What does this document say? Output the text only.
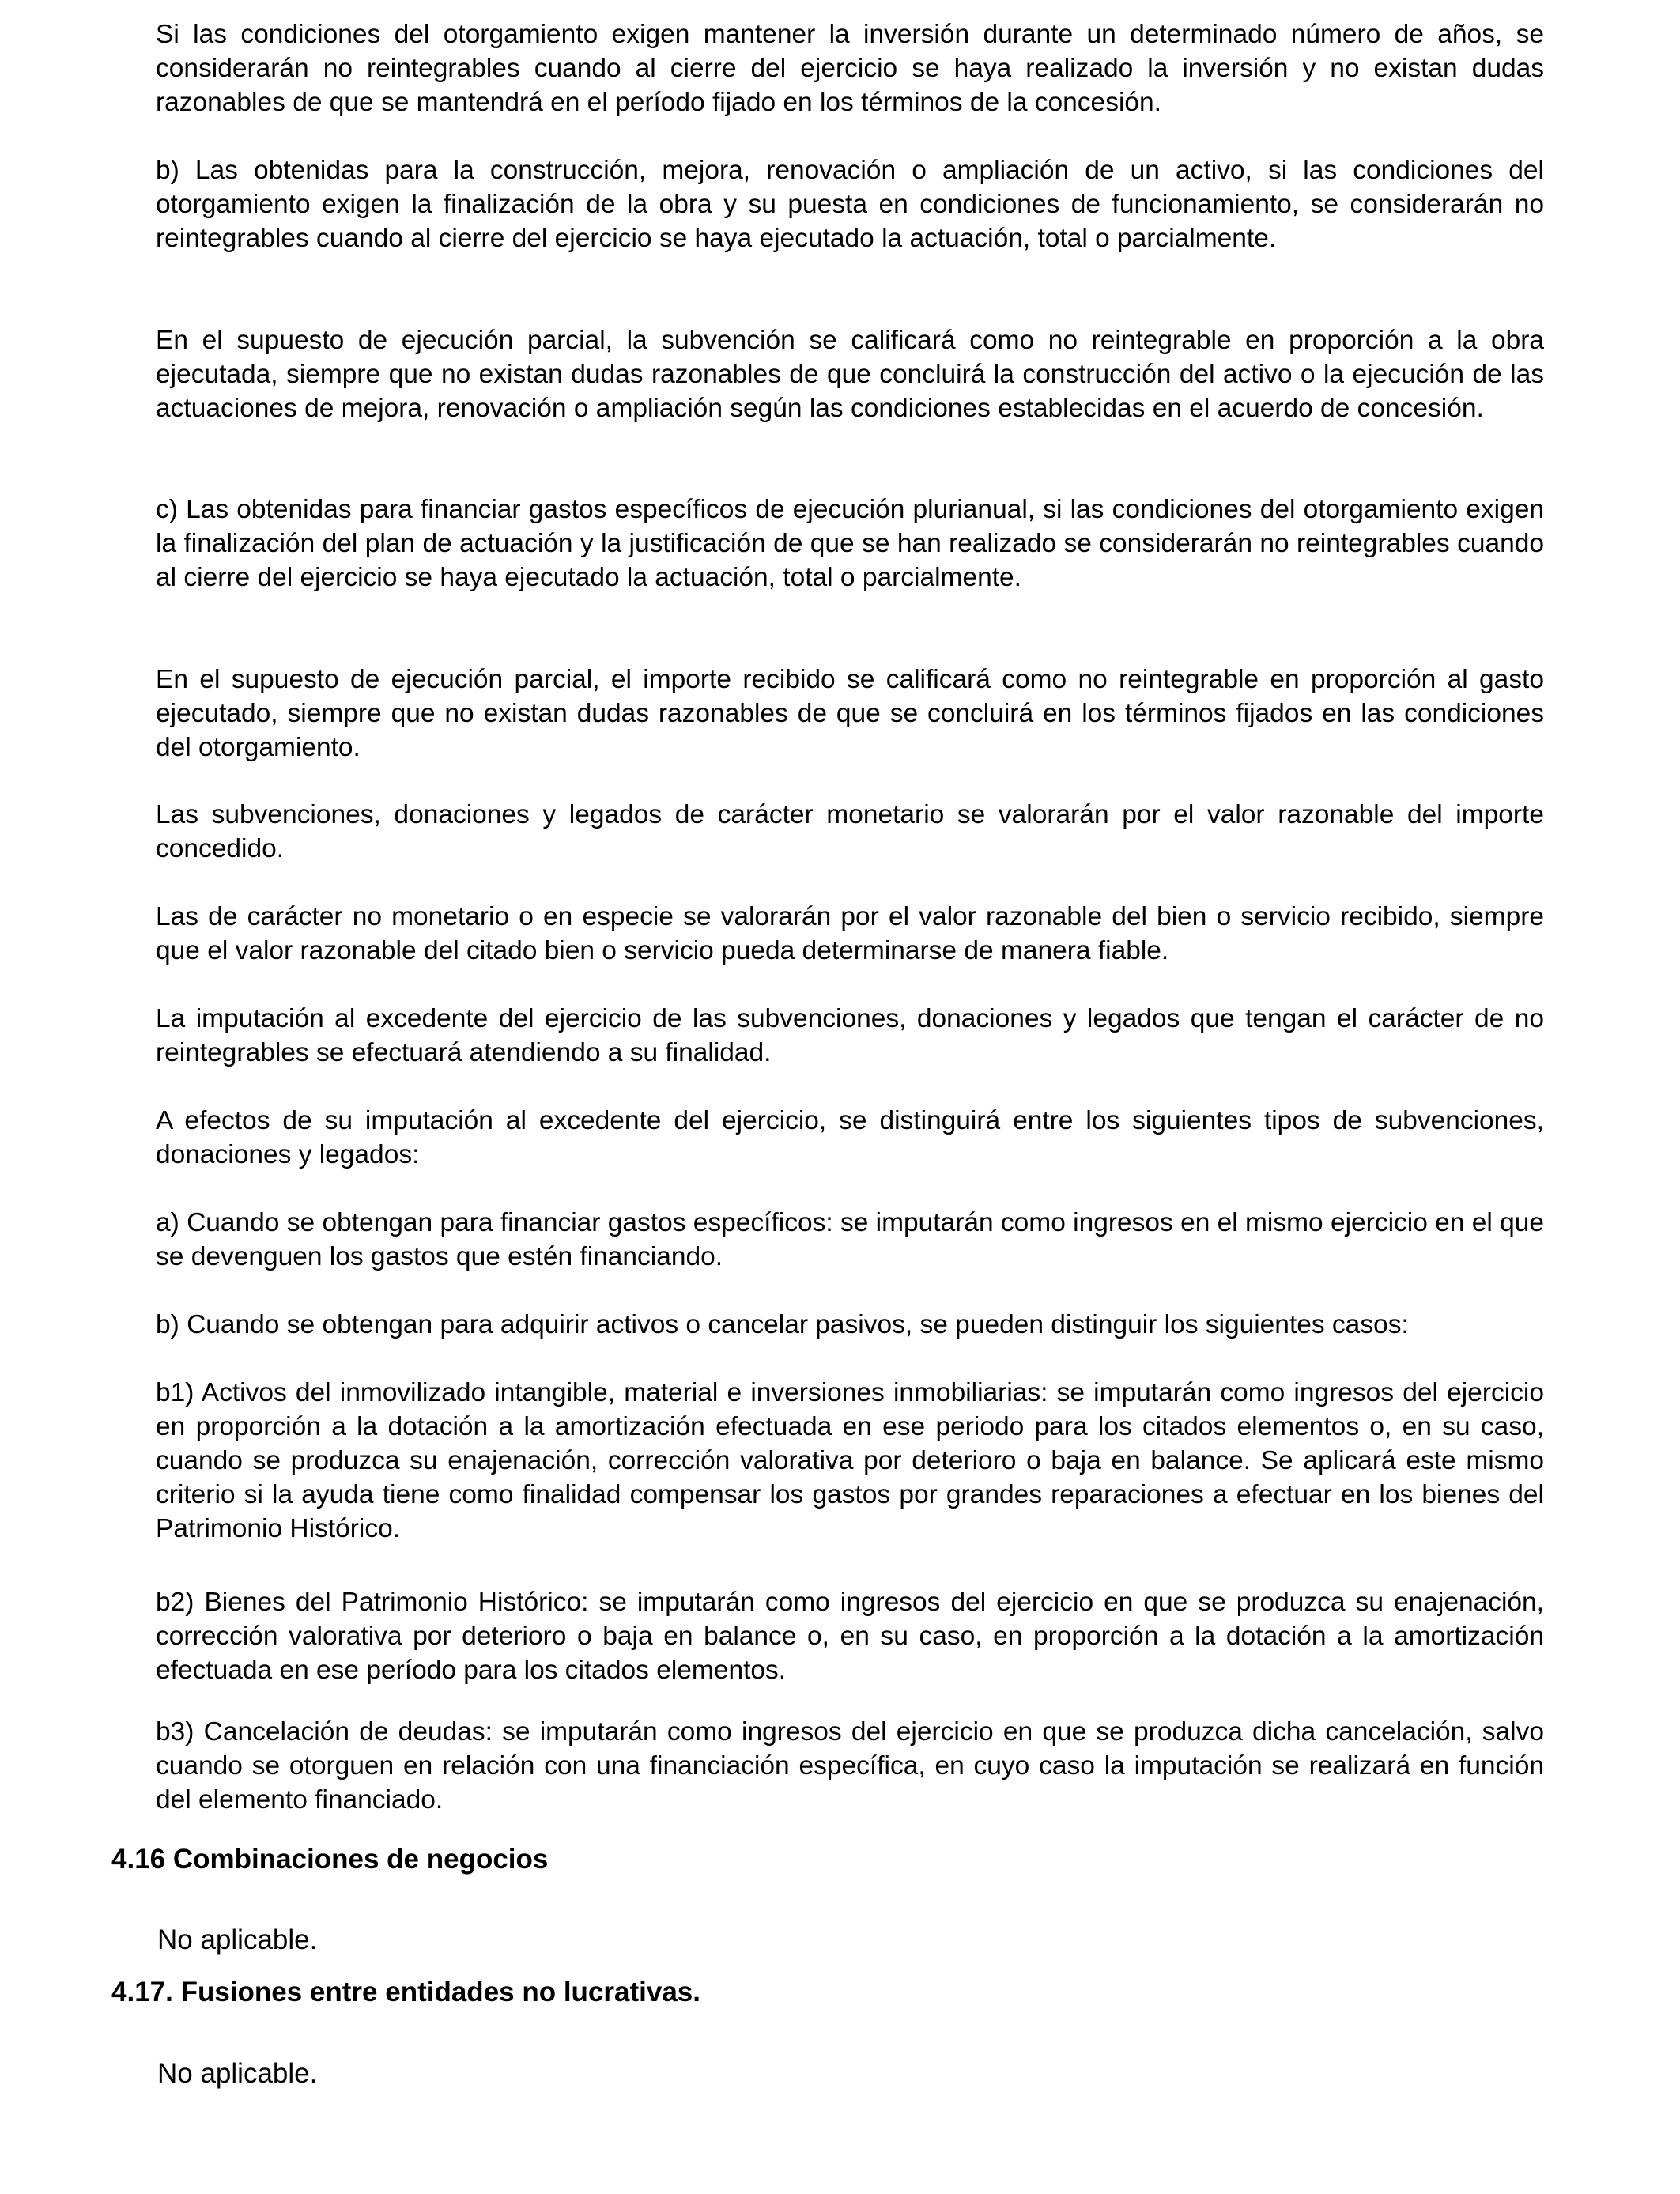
Si las condiciones del otorgamiento exigen mantener la inversión durante un determinado número de años, se considerarán no reintegrables cuando al cierre del ejercicio se haya realizado la inversión y no existan dudas razonables de que se mantendrá en el período fijado en los términos de la concesión.

b) Las obtenidas para la construcción, mejora, renovación o ampliación de un activo, si las condiciones del otorgamiento exigen la finalización de la obra y su puesta en condiciones de funcionamiento, se considerarán no reintegrables cuando al cierre del ejercicio se haya ejecutado la actuación, total o parcialmente.

En el supuesto de ejecución parcial, la subvención se calificará como no reintegrable en proporción a la obra ejecutada, siempre que no existan dudas razonables de que concluirá la construcción del activo o la ejecución de las actuaciones de mejora, renovación o ampliación según las condiciones establecidas en el acuerdo de concesión.

c) Las obtenidas para financiar gastos específicos de ejecución plurianual, si las condiciones del otorgamiento exigen la finalización del plan de actuación y la justificación de que se han realizado se considerarán no reintegrables cuando al cierre del ejercicio se haya ejecutado la actuación, total o parcialmente.

En el supuesto de ejecución parcial, el importe recibido se calificará como no reintegrable en proporción al gasto ejecutado, siempre que no existan dudas razonables de que se concluirá en los términos fijados en las condiciones del otorgamiento.

Las subvenciones, donaciones y legados de carácter monetario se valorarán por el valor razonable del importe concedido.

Las de carácter no monetario o en especie se valorarán por el valor razonable del bien o servicio recibido, siempre que el valor razonable del citado bien o servicio pueda determinarse de manera fiable.

La imputación al excedente del ejercicio de las subvenciones, donaciones y legados que tengan el carácter de no reintegrables se efectuará atendiendo a su finalidad.

A efectos de su imputación al excedente del ejercicio, se distinguirá entre los siguientes tipos de subvenciones, donaciones y legados:

a) Cuando se obtengan para financiar gastos específicos: se imputarán como ingresos en el mismo ejercicio en el que se devenguen los gastos que estén financiando.

b) Cuando se obtengan para adquirir activos o cancelar pasivos, se pueden distinguir los siguientes casos:

b1) Activos del inmovilizado intangible, material e inversiones inmobiliarias: se imputarán como ingresos del ejercicio en proporción a la dotación a la amortización efectuada en ese periodo para los citados elementos o, en su caso, cuando se produzca su enajenación, corrección valorativa por deterioro o baja en balance. Se aplicará este mismo criterio si la ayuda tiene como finalidad compensar los gastos por grandes reparaciones a efectuar en los bienes del Patrimonio Histórico.

b2) Bienes del Patrimonio Histórico: se imputarán como ingresos del ejercicio en que se produzca su enajenación, corrección valorativa por deterioro o baja en balance o, en su caso, en proporción a la dotación a la amortización efectuada en ese período para los citados elementos.

b3) Cancelación de deudas: se imputarán como ingresos del ejercicio en que se produzca dicha cancelación, salvo cuando se otorguen en relación con una financiación específica, en cuyo caso la imputación se realizará en función del elemento financiado.

4.16 Combinaciones de negocios

No aplicable.

4.17. Fusiones entre entidades no lucrativas.

No aplicable.
